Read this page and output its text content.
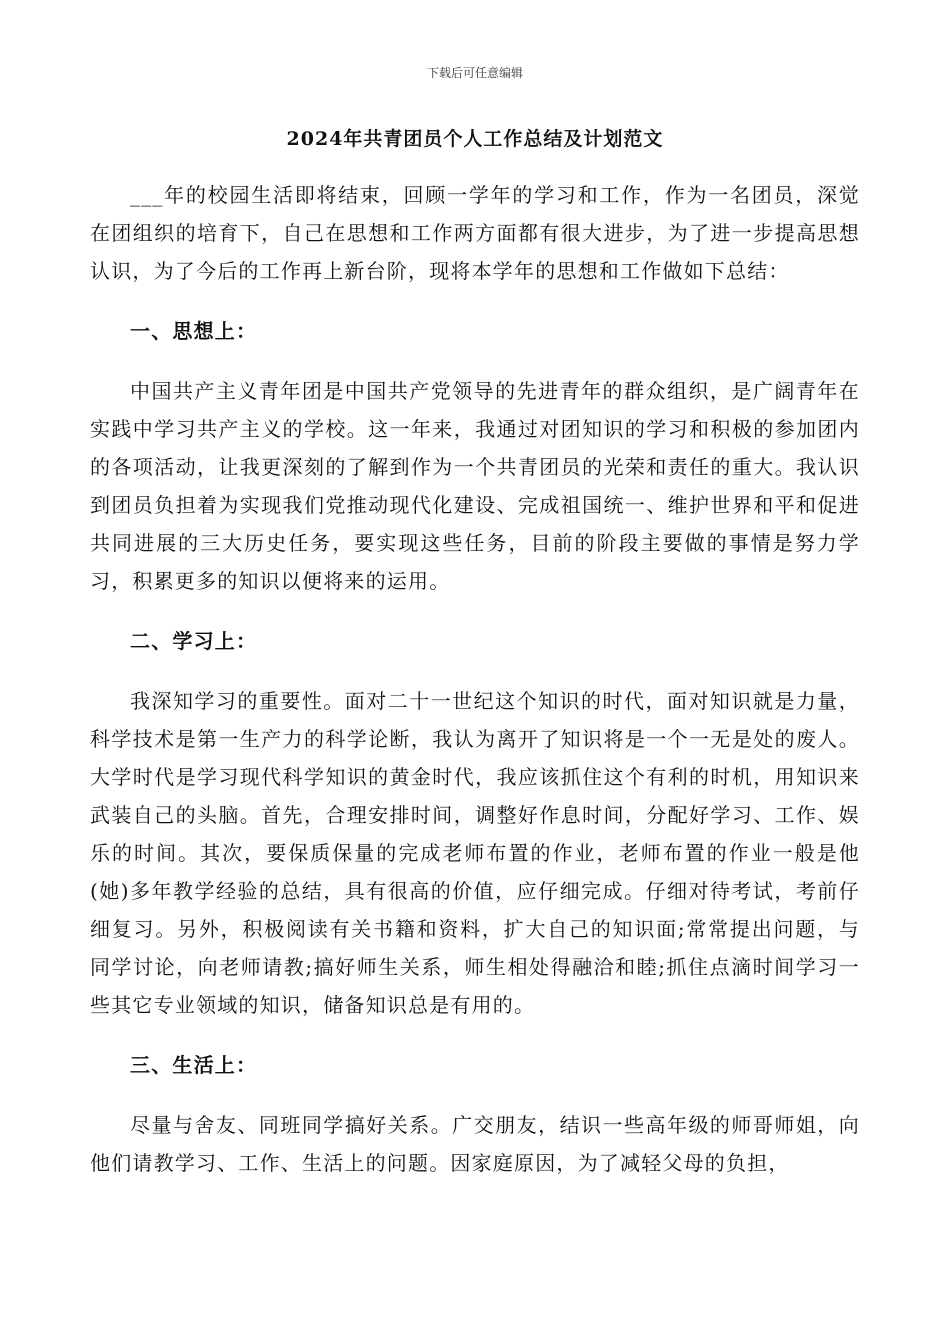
下载后可任意编辑
2024年共青团员个人工作总结及计划范文

___年的校园生活即将结束，回顾一学年的学习和工作，作为一名团员，深觉在团组织的培育下，自己在思想和工作两方面都有很大进步，为了进一步提高思想认识，为了今后的工作再上新台阶，现将本学年的思想和工作做如下总结：

一、思想上：

中国共产主义青年团是中国共产党领导的先进青年的群众组织，是广阔青年在实践中学习共产主义的学校。这一年来，我通过对团知识的学习和积极的参加团内的各项活动，让我更深刻的了解到作为一个共青团员的光荣和责任的重大。我认识到团员负担着为实现我们党推动现代化建设、完成祖国统一、维护世界和平和促进共同进展的三大历史任务，要实现这些任务，目前的阶段主要做的事情是努力学习，积累更多的知识以便将来的运用。

二、学习上：

我深知学习的重要性。面对二十一世纪这个知识的时代，面对知识就是力量，科学技术是第一生产力的科学论断，我认为离开了知识将是一个一无是处的废人。大学时代是学习现代科学知识的黄金时代，我应该抓住这个有利的时机，用知识来武装自己的头脑。首先，合理安排时间，调整好作息时间，分配好学习、工作、娱乐的时间。其次，要保质保量的完成老师布置的作业，老师布置的作业一般是他(她)多年教学经验的总结，具有很高的价值，应仔细完成。仔细对待考试，考前仔细复习。另外，积极阅读有关书籍和资料，扩大自己的知识面;常常提出问题，与同学讨论，向老师请教;搞好师生关系，师生相处得融洽和睦;抓住点滴时间学习一些其它专业领域的知识，储备知识总是有用的。

三、生活上：

尽量与舍友、同班同学搞好关系。广交朋友，结识一些高年级的师哥师姐，向他们请教学习、工作、生活上的问题。因家庭原因，为了减轻父母的负担，
